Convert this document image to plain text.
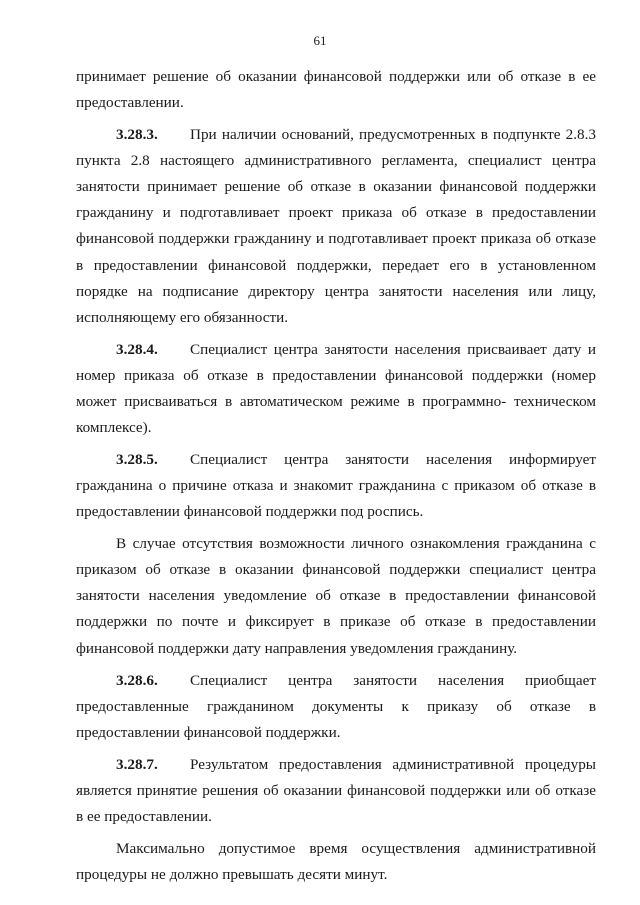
61

принимает решение об оказании финансовой поддержки или об отказе в ее предоставлении.

3.28.3. При наличии оснований, предусмотренных в подпункте 2.8.3 пункта 2.8 настоящего административного регламента, специалист центра занятости принимает решение об отказе в оказании финансовой поддержки гражданину и подготавливает проект приказа об отказе в предоставлении финансовой поддержки гражданину и подготавливает проект приказа об отказе в предоставлении финансовой поддержки, передает его в установленном порядке на подписание директору центра занятости населения или лицу, исполняющему его обязанности.

3.28.4. Специалист центра занятости населения присваивает дату и номер приказа об отказе в предоставлении финансовой поддержки (номер может присваиваться в автоматическом режиме в программно- техническом комплексе).

3.28.5. Специалист центра занятости населения информирует гражданина о причине отказа и знакомит гражданина с приказом об отказе в предоставлении финансовой поддержки под роспись.

В случае отсутствия возможности личного ознакомления гражданина с приказом об отказе в оказании финансовой поддержки специалист центра занятости населения уведомление об отказе в предоставлении финансовой поддержки по почте и фиксирует в приказе об отказе в предоставлении финансовой поддержки дату направления уведомления гражданину.

3.28.6. Специалист центра занятости населения приобщает предоставленные гражданином документы к приказу об отказе в предоставлении финансовой поддержки.

3.28.7. Результатом предоставления административной процедуры является принятие решения об оказании финансовой поддержки или об отказе в ее предоставлении.

Максимально допустимое время осуществления административной процедуры не должно превышать десяти минут.
